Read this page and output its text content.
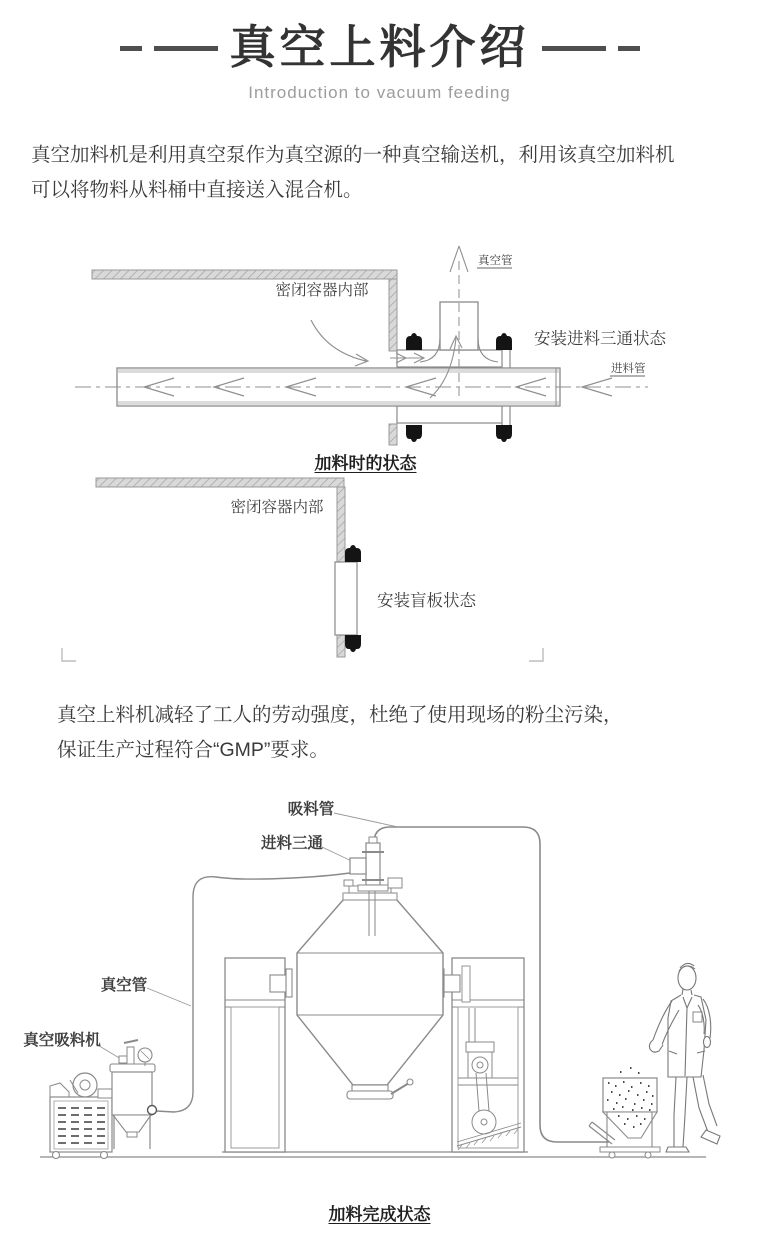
真空上料介绍
Introduction to vacuum feeding
真空加料机是利用真空泵作为真空源的一种真空输送机，利用该真空加料机
可以将物料从料桶中直接送入混合机。
密闭容器内部
真空管
安装进料三通状态
进料管
加料时的状态
密闭容器内部
安装盲板状态
真空上料机减轻了工人的劳动强度，杜绝了使用现场的粉尘污染，
保证生产过程符合“GMP”要求。
吸料管
进料三通
真空管
真空吸料机
加料完成状态
